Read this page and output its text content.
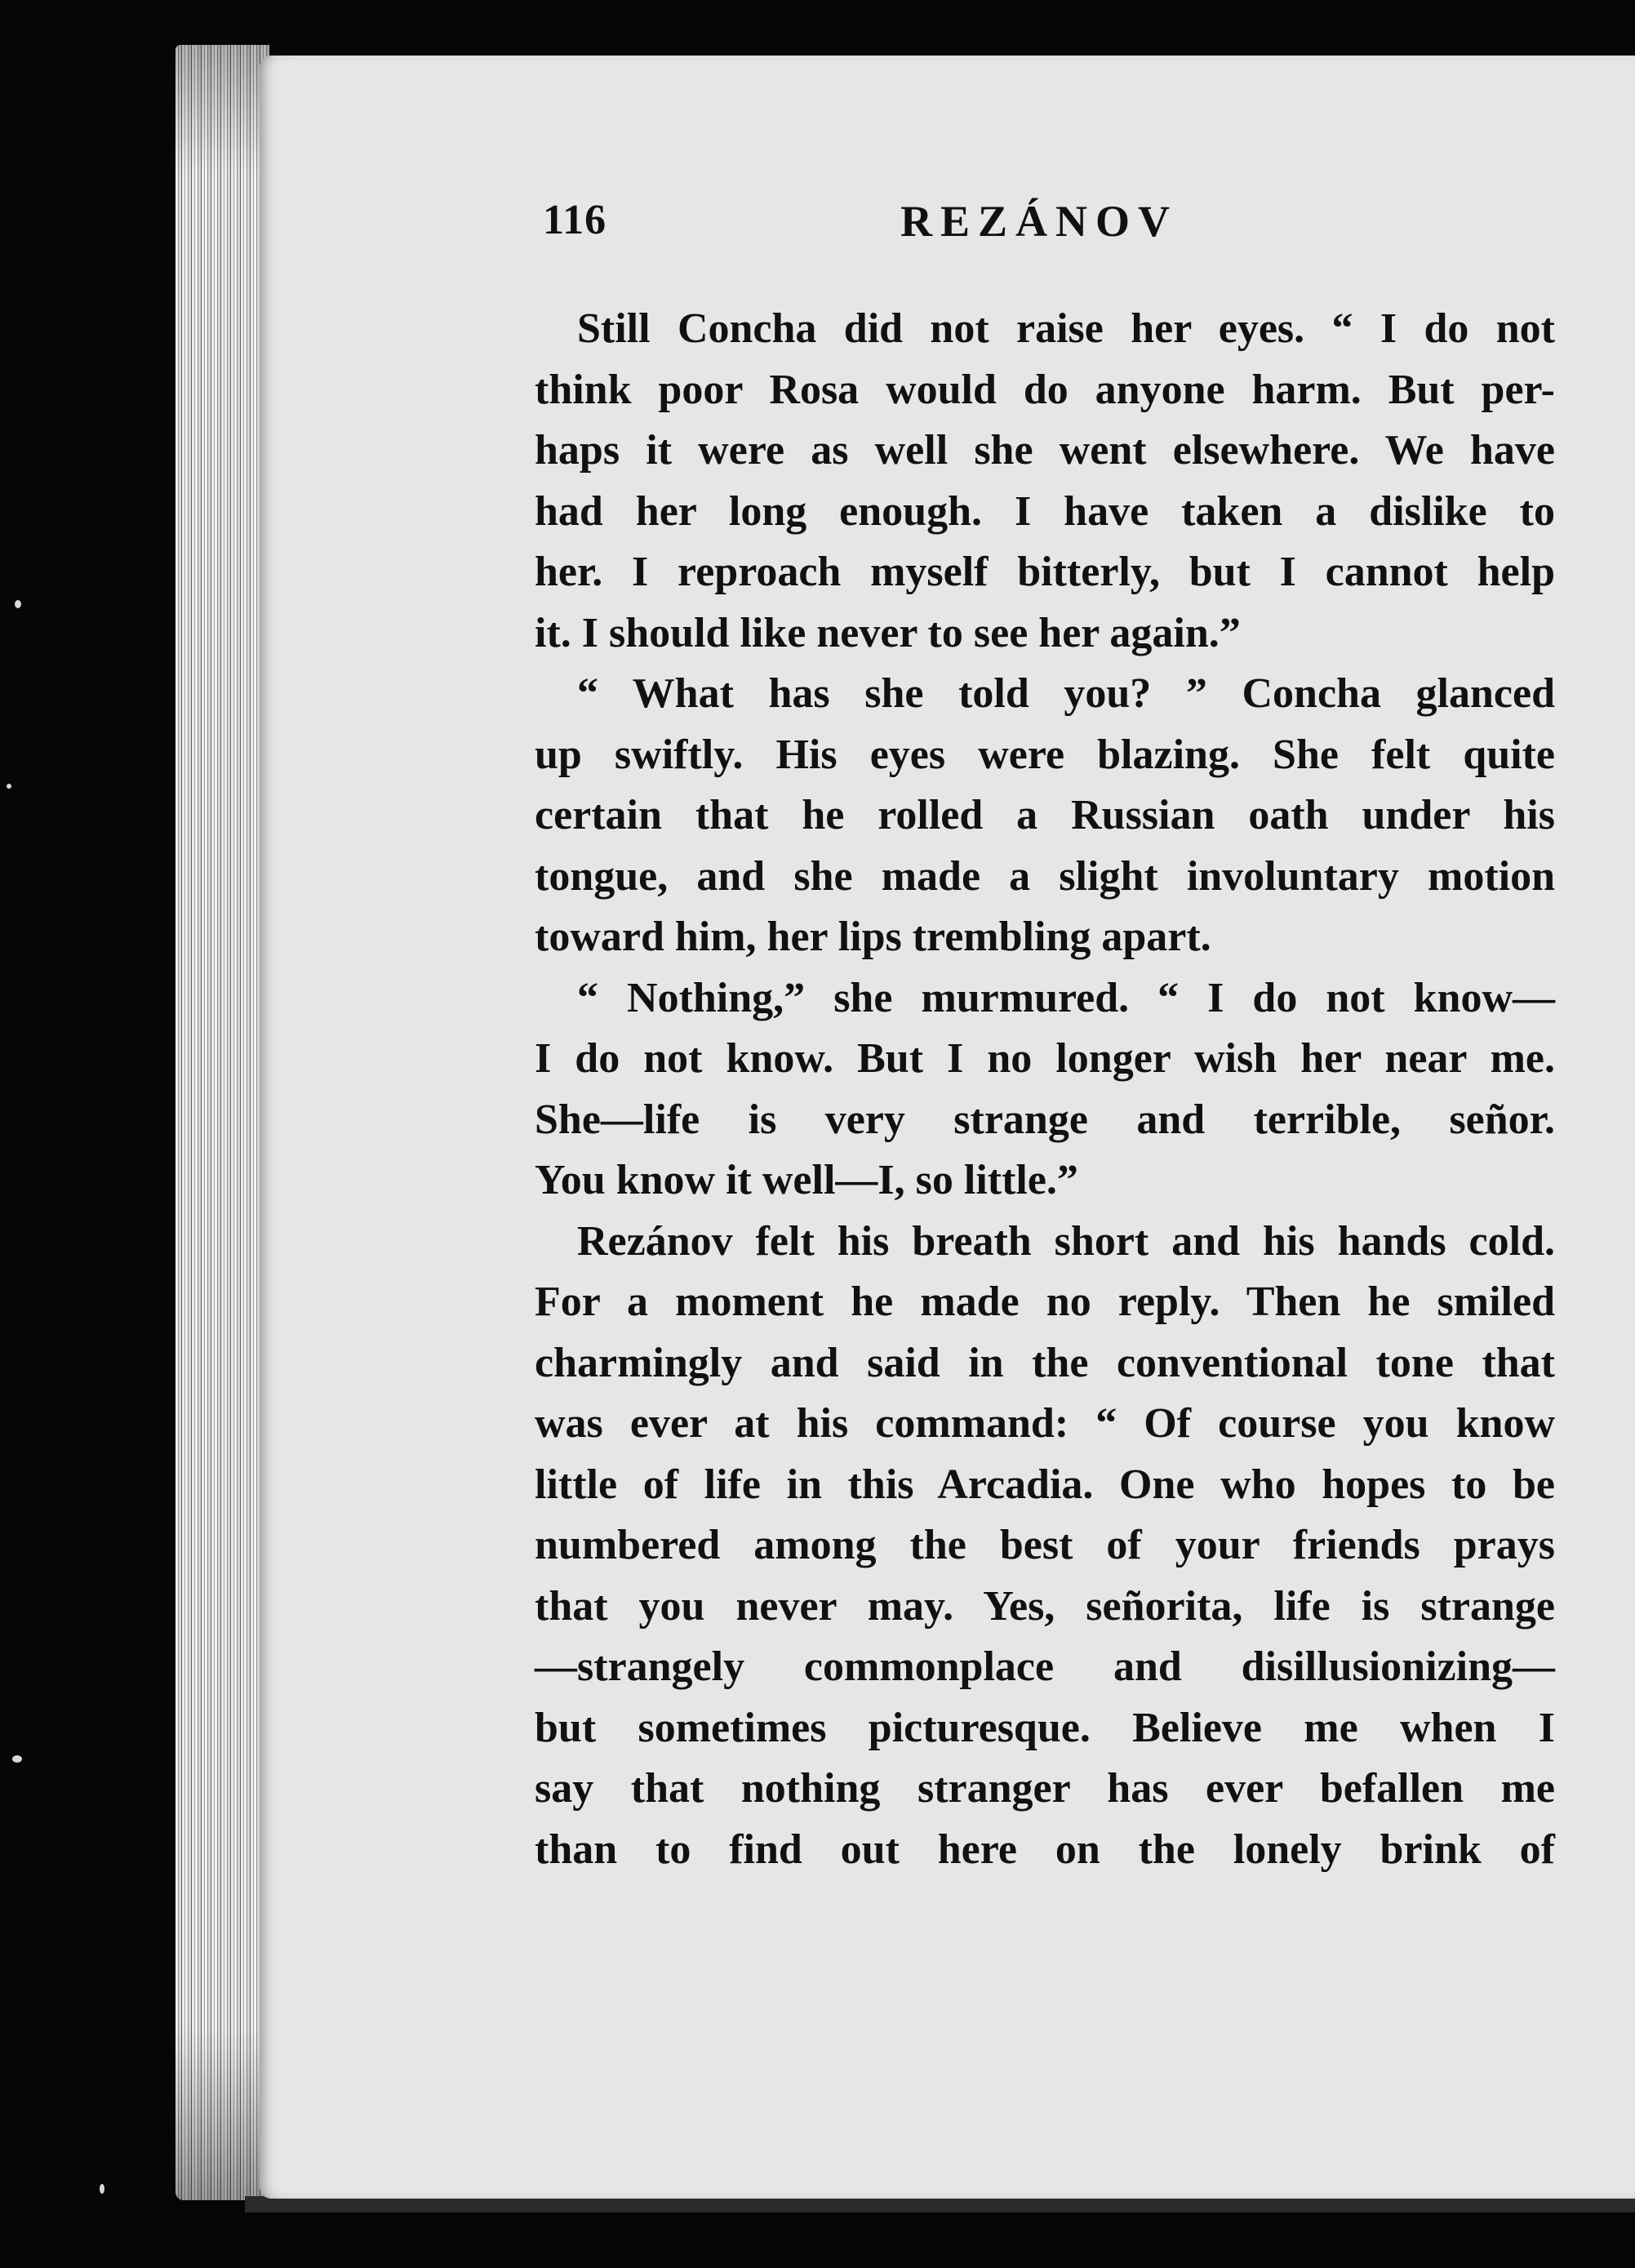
116	REZÁNOV
Still Concha did not raise her eyes. “ I do not
think poor Rosa would do anyone harm. But per-
haps it were as well she went elsewhere. We have
had her long enough. I have taken a dislike to
her. I reproach myself bitterly, but I cannot help
it. I should like never to see her again.”
“ What has she told you? ” Concha glanced
up swiftly. His eyes were blazing. She felt quite
certain that he rolled a Russian oath under his
tongue, and she made a slight involuntary motion
toward him, her lips trembling apart.
“ Nothing,” she murmured. “ I do not know—
I do not know. But I no longer wish her near me.
She—life is very strange and terrible, señor.
You know it well—I, so little.”
Rezánov felt his breath short and his hands cold.
For a moment he made no reply. Then he smiled
charmingly and said in the conventional tone that
was ever at his command: “ Of course you know
little of life in this Arcadia. One who hopes to be
numbered among the best of your friends prays
that you never may. Yes, señorita, life is strange
—strangely commonplace and disillusionizing—
but sometimes picturesque. Believe me when I
say that nothing stranger has ever befallen me
than to find out here on the lonely brink of
